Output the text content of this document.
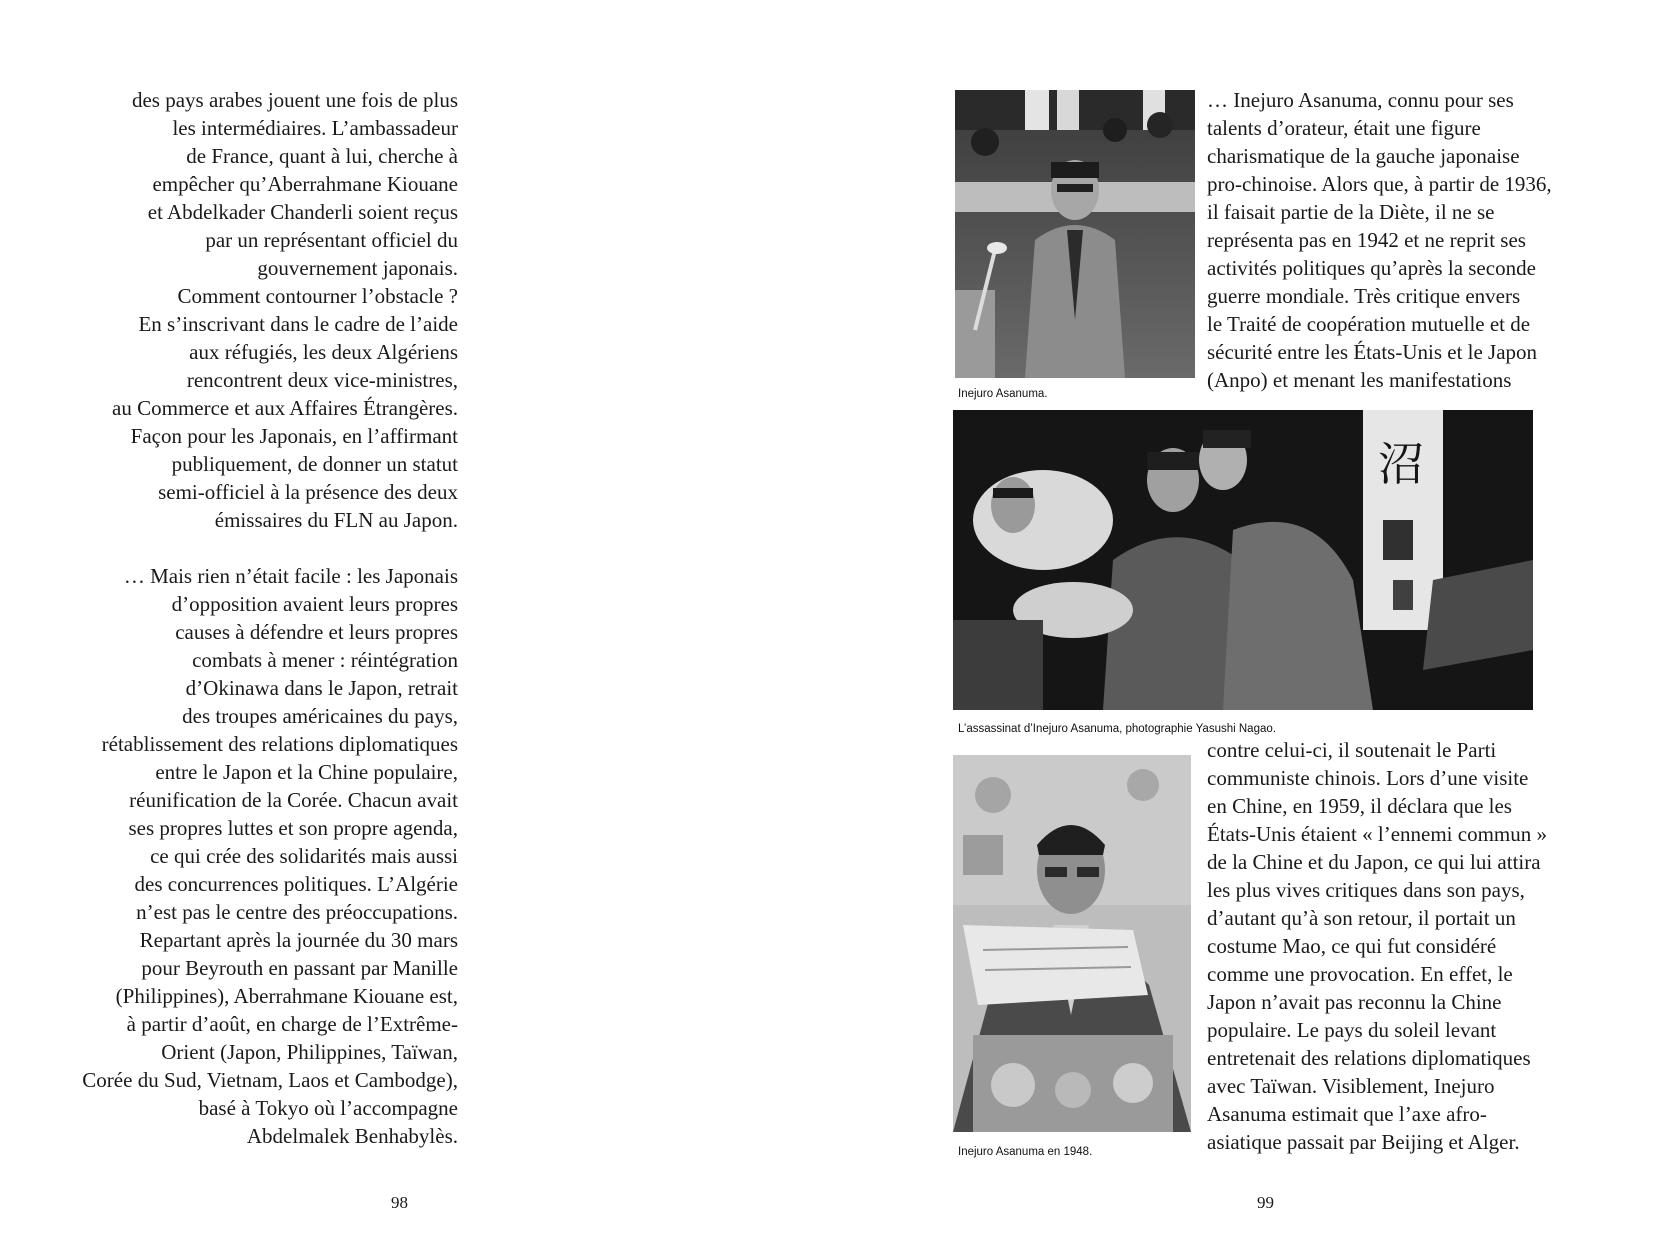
des pays arabes jouent une fois de plus
les intermédiaires. L’ambassadeur
de France, quant à lui, cherche à
empêcher qu’Aberrahmane Kiouane
et Abdelkader Chanderli soient reçus
par un représentant officiel du
gouvernement japonais.
Comment contourner l’obstacle ?
En s’inscrivant dans le cadre de l’aide
aux réfugiés, les deux Algériens
rencontrent deux vice-ministres,
au Commerce et aux Affaires Étrangères.
Façon pour les Japonais, en l’affirmant
publiquement, de donner un statut
semi-officiel à la présence des deux
émissaires du FLN au Japon.
… Mais rien n’était facile : les Japonais
d’opposition avaient leurs propres
causes à défendre et leurs propres
combats à mener : réintégration
d’Okinawa dans le Japon, retrait
des troupes américaines du pays,
rétablissement des relations diplomatiques
entre le Japon et la Chine populaire,
réunification de la Corée. Chacun avait
ses propres luttes et son propre agenda,
ce qui crée des solidarités mais aussi
des concurrences politiques. L’Algérie
n’est pas le centre des préoccupations.
Repartant après la journée du 30 mars
pour Beyrouth en passant par Manille
(Philippines), Aberrahmane Kiouane est,
à partir d’août, en charge de l’Extrême-
Orient (Japon, Philippines, Taïwan,
Corée du Sud, Vietnam, Laos et Cambodge),
basé à Tokyo où l’accompagne
Abdelmalek Benhabylès.
98
Inejuro Asanuma.
… Inejuro Asanuma, connu pour ses
talents d’orateur, était une figure
charismatique de la gauche japonaise
pro-chinoise. Alors que, à partir de 1936,
il faisait partie de la Diète, il ne se
représenta pas en 1942 et ne reprit ses
activités politiques qu’après la seconde
guerre mondiale. Très critique envers
le Traité de coopération mutuelle et de
sécurité entre les États-Unis et le Japon
(Anpo) et menant les manifestations
沼
L’assassinat d’Inejuro Asanuma, photographie Yasushi Nagao.
Inejuro Asanuma en 1948.
contre celui-ci, il soutenait le Parti
communiste chinois. Lors d’une visite
en Chine, en 1959, il déclara que les
États-Unis étaient « l’ennemi commun »
de la Chine et du Japon, ce qui lui attira
les plus vives critiques dans son pays,
d’autant qu’à son retour, il portait un
costume Mao, ce qui fut considéré
comme une provocation. En effet, le
Japon n’avait pas reconnu la Chine
populaire. Le pays du soleil levant
entretenait des relations diplomatiques
avec Taïwan. Visiblement, Inejuro
Asanuma estimait que l’axe afro-
asiatique passait par Beijing et Alger.
99
